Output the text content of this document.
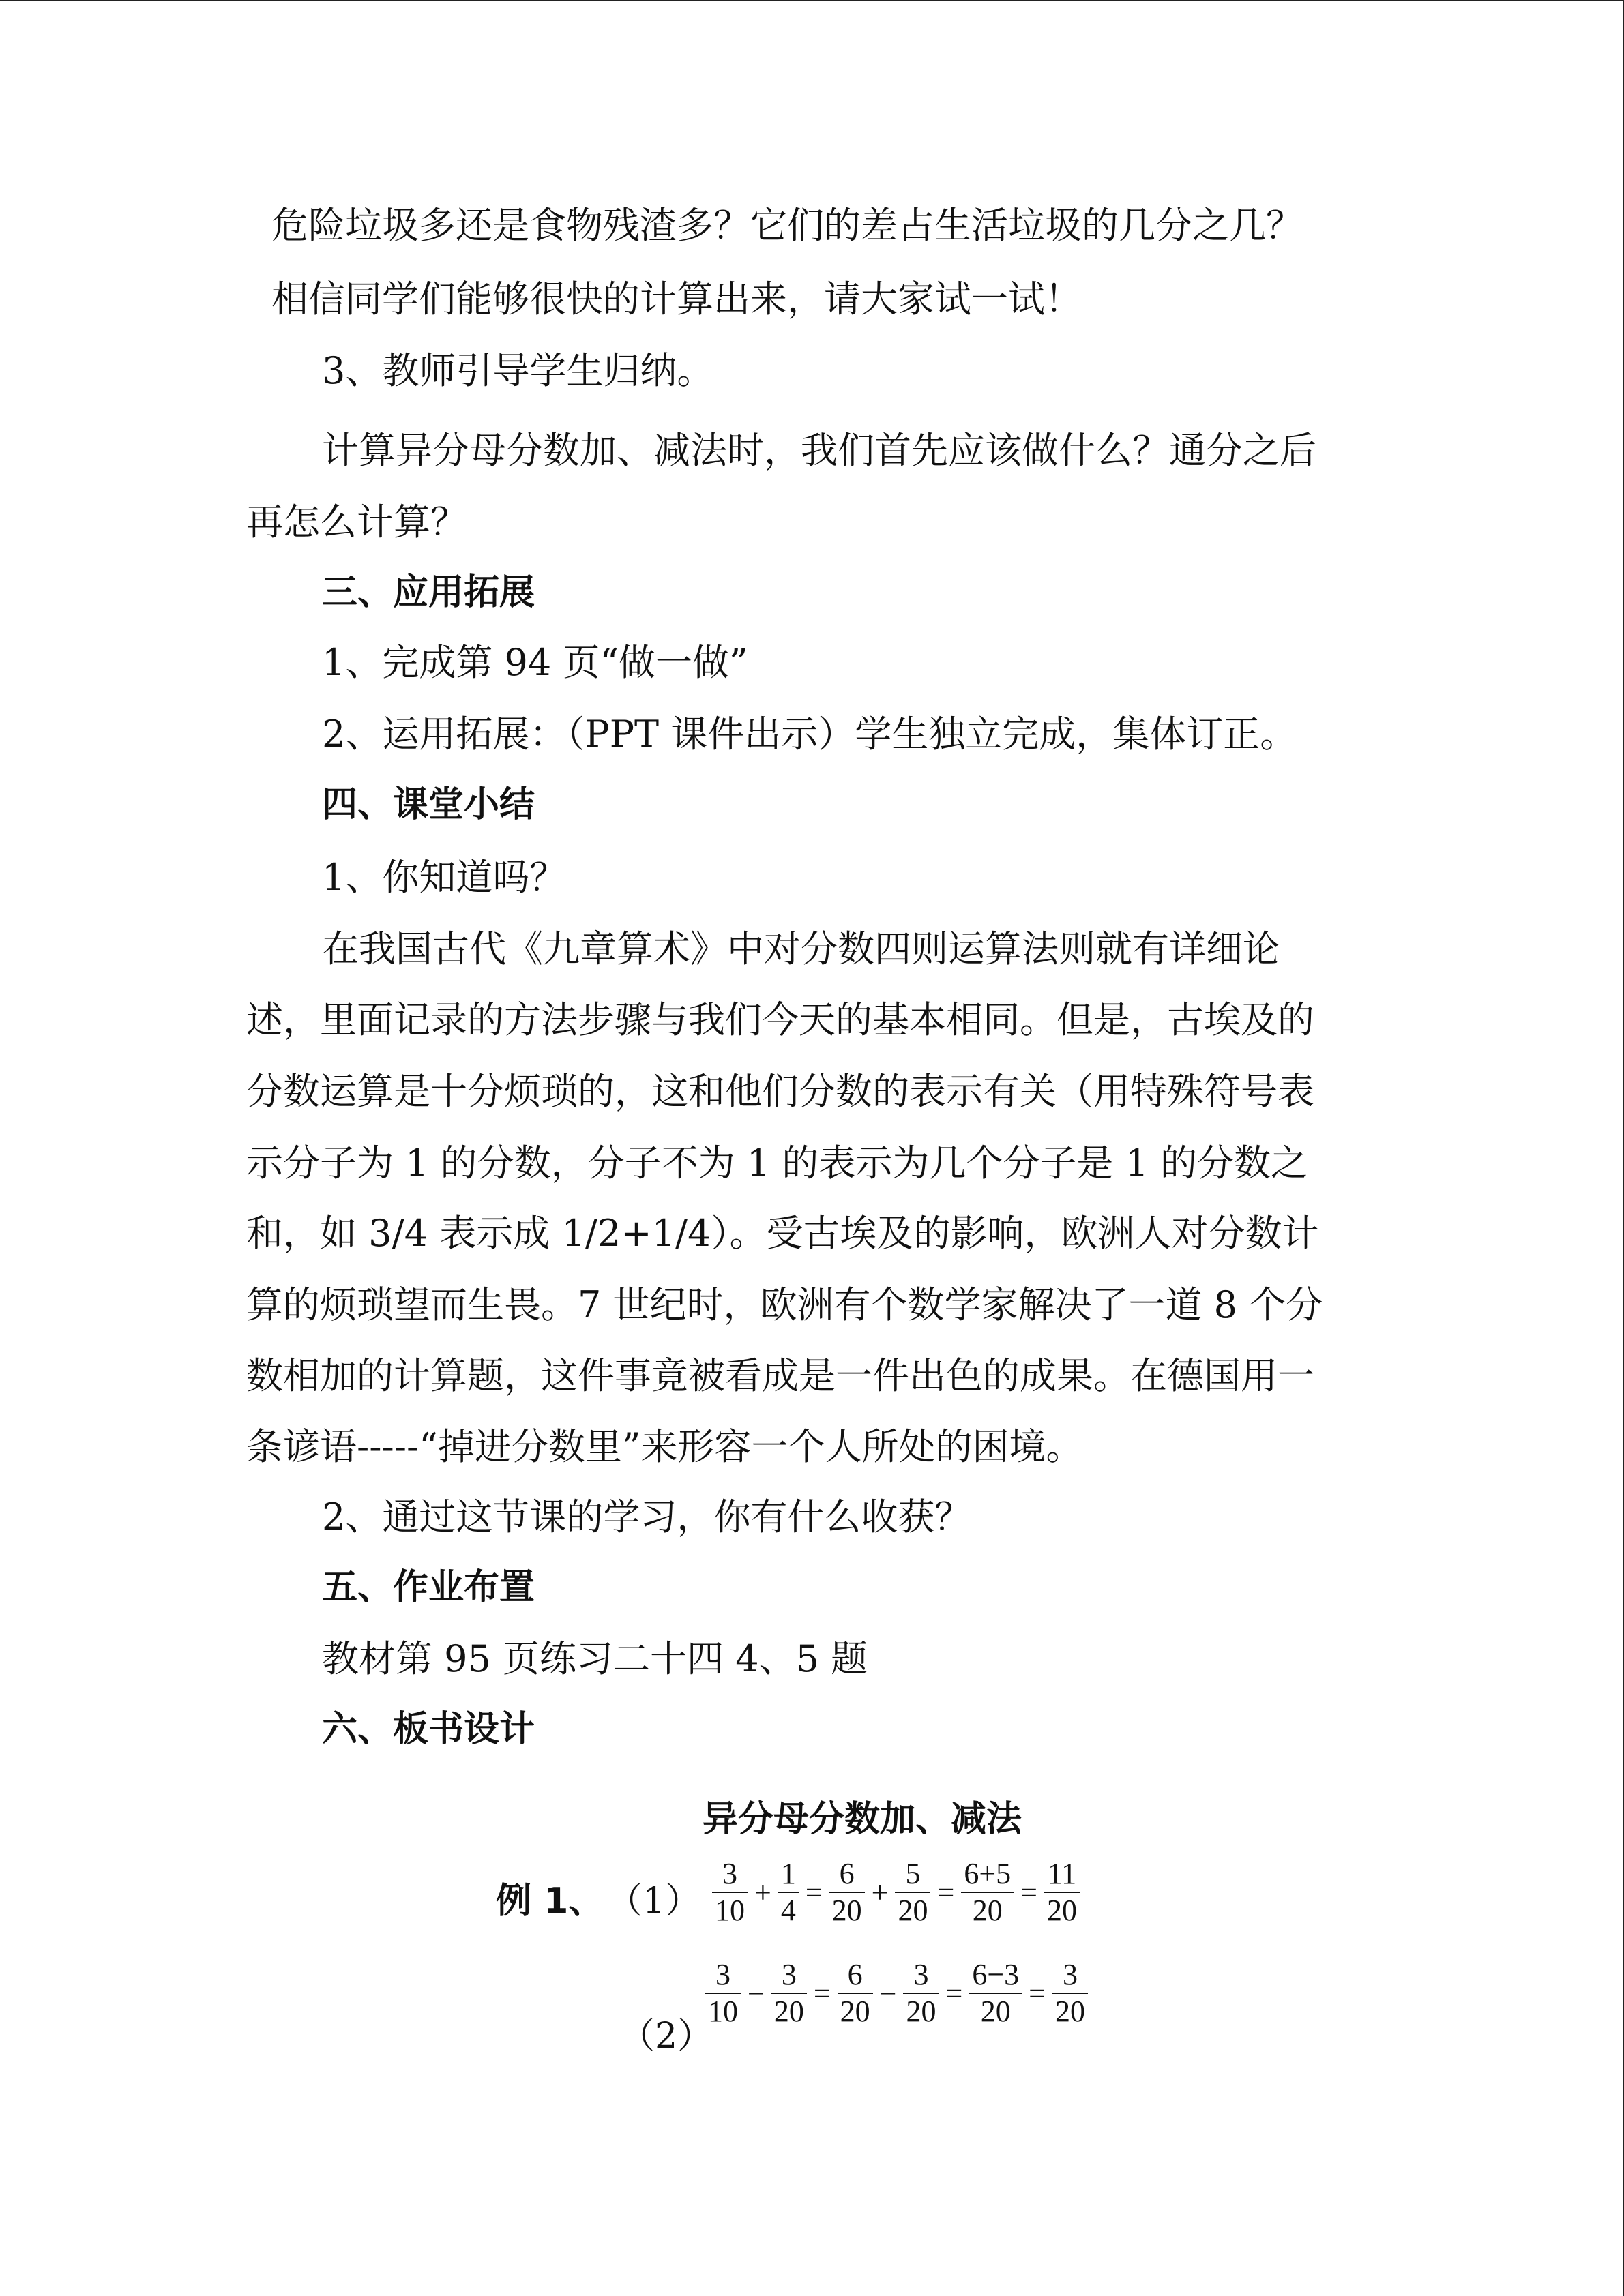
危险垃圾多还是食物残渣多？它们的差占生活垃圾的几分之几？
相信同学们能够很快的计算出来，请大家试一试！
3、教师引导学生归纳。
计算异分母分数加、减法时，我们首先应该做什么？通分之后
再怎么计算？
三、应用拓展
1、完成第 94 页“做一做”
2、运用拓展：（PPT 课件出示）学生独立完成，集体订正。
四、课堂小结
1、你知道吗？
在我国古代《九章算术》中对分数四则运算法则就有详细论
述，里面记录的方法步骤与我们今天的基本相同。但是，古埃及的
分数运算是十分烦琐的，这和他们分数的表示有关（用特殊符号表
示分子为 1 的分数，分子不为 1 的表示为几个分子是 1 的分数之
和，如 3/4 表示成 1/2+1/4）。受古埃及的影响，欧洲人对分数计
算的烦琐望而生畏。7 世纪时，欧洲有个数学家解决了一道 8 个分
数相加的计算题，这件事竟被看成是一件出色的成果。在德国用一
条谚语-----“掉进分数里”来形容一个人所处的困境。
2、通过这节课的学习，你有什么收获？
五、作业布置
教材第 95 页练习二十四 4、5 题
六、板书设计
异分母分数加、减法
例 1、 （1）
（2）
$\frac{3}{10} + \frac{1}{4} = \frac{6}{20} + \frac{5}{20} = \frac{6+5}{20} = \frac{11}{20}$
$\frac{3}{10} - \frac{3}{20} = \frac{6}{20} - \frac{3}{20} = \frac{6-3}{20} = \frac{3}{20}$
